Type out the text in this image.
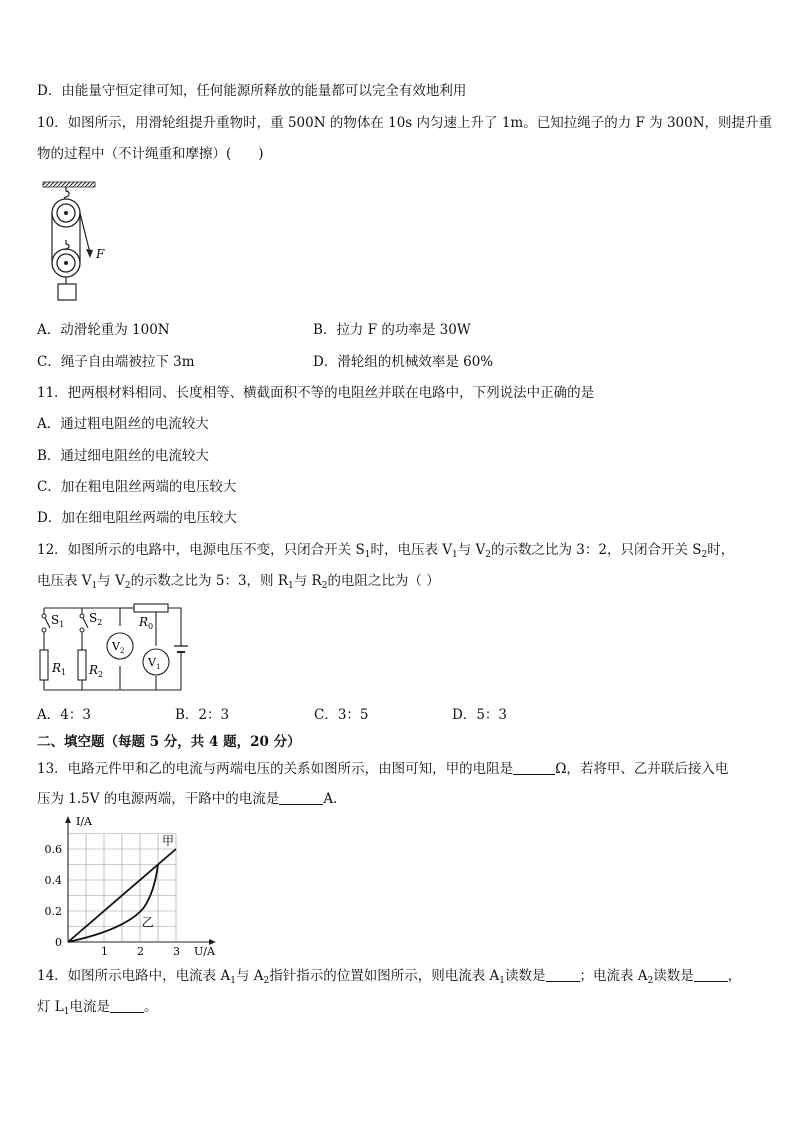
D．由能量守恒定律可知，任何能源所释放的能量都可以完全有效地利用
10．如图所示，用滑轮组提升重物时，重 500N 的物体在 10s 内匀速上升了 1m。已知拉绳子的力 F 为 300N，则提升重
物的过程中（不计绳重和摩擦）(　　)
F
A．动滑轮重为 100N	B．拉力 F 的功率是 30W
C．绳子自由端被拉下 3m	D．滑轮组的机械效率是 60%
11．把两根材料相同、长度相等、横截面积不等的电阻丝并联在电路中，下列说法中正确的是
A．通过粗电阻丝的电流较大
B．通过细电阻丝的电流较大
C．加在粗电阻丝两端的电压较大
D．加在细电阻丝两端的电压较大
12．如图所示的电路中，电源电压不变，只闭合开关 $S_1$时，电压表 $V_1$与 $V_2$的示数之比为 3：2，只闭合开关 $S_2$时，
电压表 $V_1$与 $V_2$的示数之比为 5：3，则 $R_1$与 $R_2$的电阻之比为（ ）
$S_1$ $S_2$	$R_0$
$R_1$ $R_2$
$V_2$
$V_1$
A．4：3	B．2：3	C．3：5	D．5：3
二、填空题（每题 5 分，共 4 题，20 分）
13．电路元件甲和乙的电流与两端电压的关系如图所示，由图可知，甲的电阻是	Ω，若将甲、乙并联后接入电
压为 1.5V 的电源两端，干路中的电流是	A.
I/A
U/A
1	2	3
0
0.2
0.4
0.6
甲
乙
14．如图所示电路中，电流表 $A_1$与 $A_2$指针指示的位置如图所示，则电流表 $A_1$读数是	；电流表 $A_2$读数是	，
灯 $L_1$电流是	。
